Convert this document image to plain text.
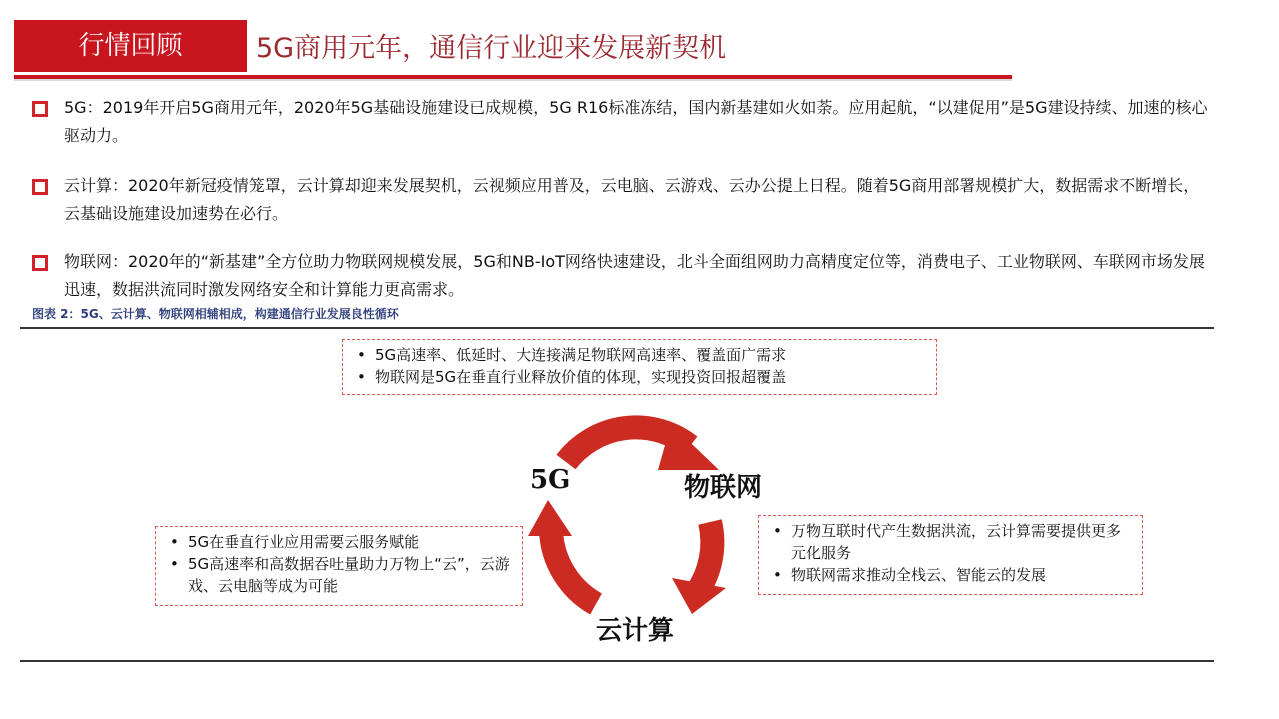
行情回顾	5G商用元年，通信行业迎来发展新契机
5G：2019年开启5G商用元年，2020年5G基础设施建设已成规模，5G R16标准冻结，国内新基建如火如荼。应用起航，“以建促用”是5G建设持续、加速的核心驱动力。
云计算：2020年新冠疫情笼罩，云计算却迎来发展契机，云视频应用普及，云电脑、云游戏、云办公提上日程。随着5G商用部署规模扩大，数据需求不断增长，云基础设施建设加速势在必行。
物联网：2020年的“新基建”全方位助力物联网规模发展，5G和NB-IoT网络快速建设，北斗全面组网助力高精度定位等，消费电子、工业物联网、车联网市场发展迅速，数据洪流同时激发网络安全和计算能力更高需求。
图表 2：5G、云计算、物联网相辅相成，构建通信行业发展良性循环
5G	物联网
云计算
• 5G高速率、低延时、大连接满足物联网高速率、覆盖面广需求
• 物联网是5G在垂直行业释放价值的体现，实现投资回报超覆盖
• 5G在垂直行业应用需要云服务赋能
• 5G高速率和高数据吞吐量助力万物上“云”，云游戏、云电脑等成为可能
• 万物互联时代产生数据洪流，云计算需要提供更多元化服务
• 物联网需求推动全栈云、智能云的发展
